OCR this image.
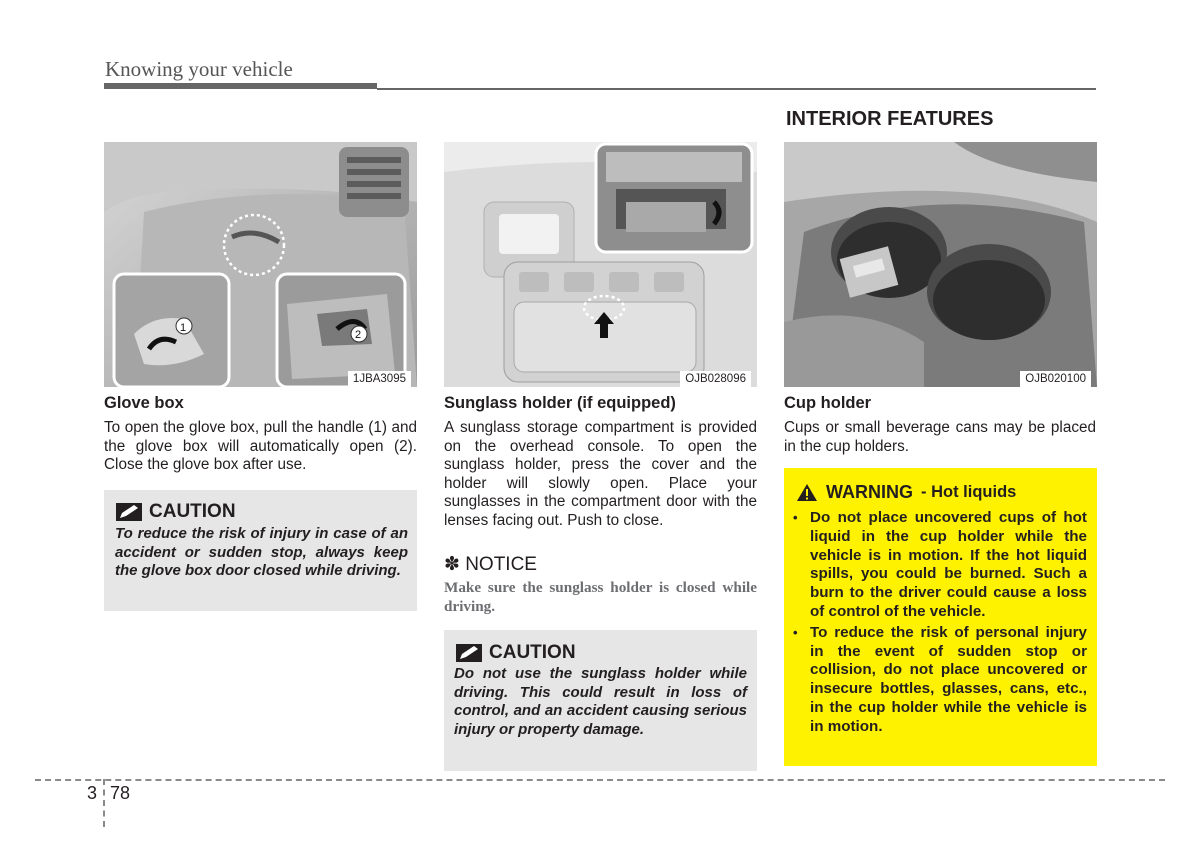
Knowing your vehicle
INTERIOR FEATURES
1
2
1JBA3095
Glove box
To open the glove box, pull the handle (1) and the glove box will automatically open (2). Close the glove box after use.
CAUTION
To reduce the risk of injury in case of an accident or sudden stop, always keep the glove box door closed while driving.
OJB028096
Sunglass holder (if equipped)
A sunglass storage compartment is provided on the overhead console. To open the sunglass holder, press the cover and the holder will slowly open. Place your sunglasses in the compartment door with the lenses facing out. Push to close.
✽ NOTICE
Make sure the sunglass holder is closed while driving.
CAUTION
Do not use the sunglass holder while driving. This could result in loss of control, and an accident causing serious injury or property damage.
OJB020100
Cup holder
Cups or small beverage cans may be placed in the cup holders.
WARNING - Hot liquids
• Do not place uncovered cups of hot liquid in the cup holder while the vehicle is in motion. If the hot liquid spills, you could be burned. Such a burn to the driver could cause a loss of control of the vehicle.
• To reduce the risk of personal injury in the event of sudden stop or collision, do not place uncovered or insecure bottles, glasses, cans, etc., in the cup holder while the vehicle is in motion.
3 78
